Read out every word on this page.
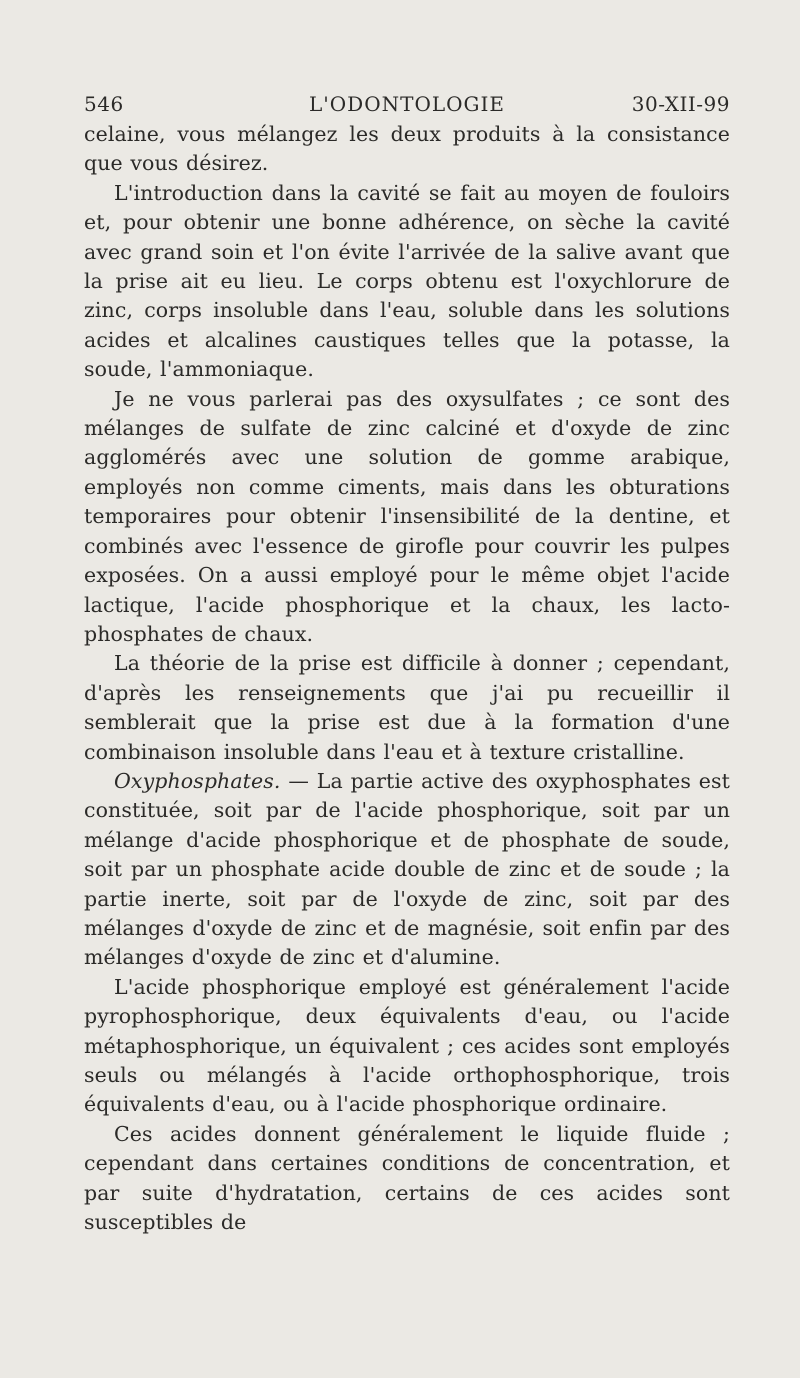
546	L'ODONTOLOGIE	30-XII-99

celaine, vous mélangez les deux produits à la consistance que vous désirez.

L'introduction dans la cavité se fait au moyen de fouloirs et, pour obtenir une bonne adhérence, on sèche la cavité avec grand soin et l'on évite l'arrivée de la salive avant que la prise ait eu lieu. Le corps obtenu est l'oxychlorure de zinc, corps insoluble dans l'eau, soluble dans les solutions acides et alcalines caustiques telles que la potasse, la soude, l'ammoniaque.

Je ne vous parlerai pas des oxysulfates ; ce sont des mélanges de sulfate de zinc calciné et d'oxyde de zinc agglomérés avec une solution de gomme arabique, employés non comme ciments, mais dans les obturations temporaires pour obtenir l'insensibilité de la dentine, et combinés avec l'essence de girofle pour couvrir les pulpes exposées. On a aussi employé pour le même objet l'acide lactique, l'acide phosphorique et la chaux, les lacto-phosphates de chaux.

La théorie de la prise est difficile à donner ; cependant, d'après les renseignements que j'ai pu recueillir il semblerait que la prise est due à la formation d'une combinaison insoluble dans l'eau et à texture cristalline.

Oxyphosphates. — La partie active des oxyphosphates est constituée, soit par de l'acide phosphorique, soit par un mélange d'acide phosphorique et de phosphate de soude, soit par un phosphate acide double de zinc et de soude ; la partie inerte, soit par de l'oxyde de zinc, soit par des mélanges d'oxyde de zinc et de magnésie, soit enfin par des mélanges d'oxyde de zinc et d'alumine.

L'acide phosphorique employé est généralement l'acide pyrophosphorique, deux équivalents d'eau, ou l'acide métaphosphorique, un équivalent ; ces acides sont employés seuls ou mélangés à l'acide orthophosphorique, trois équivalents d'eau, ou à l'acide phosphorique ordinaire.

Ces acides donnent généralement le liquide fluide ; cependant dans certaines conditions de concentration, et par suite d'hydratation, certains de ces acides sont susceptibles de
